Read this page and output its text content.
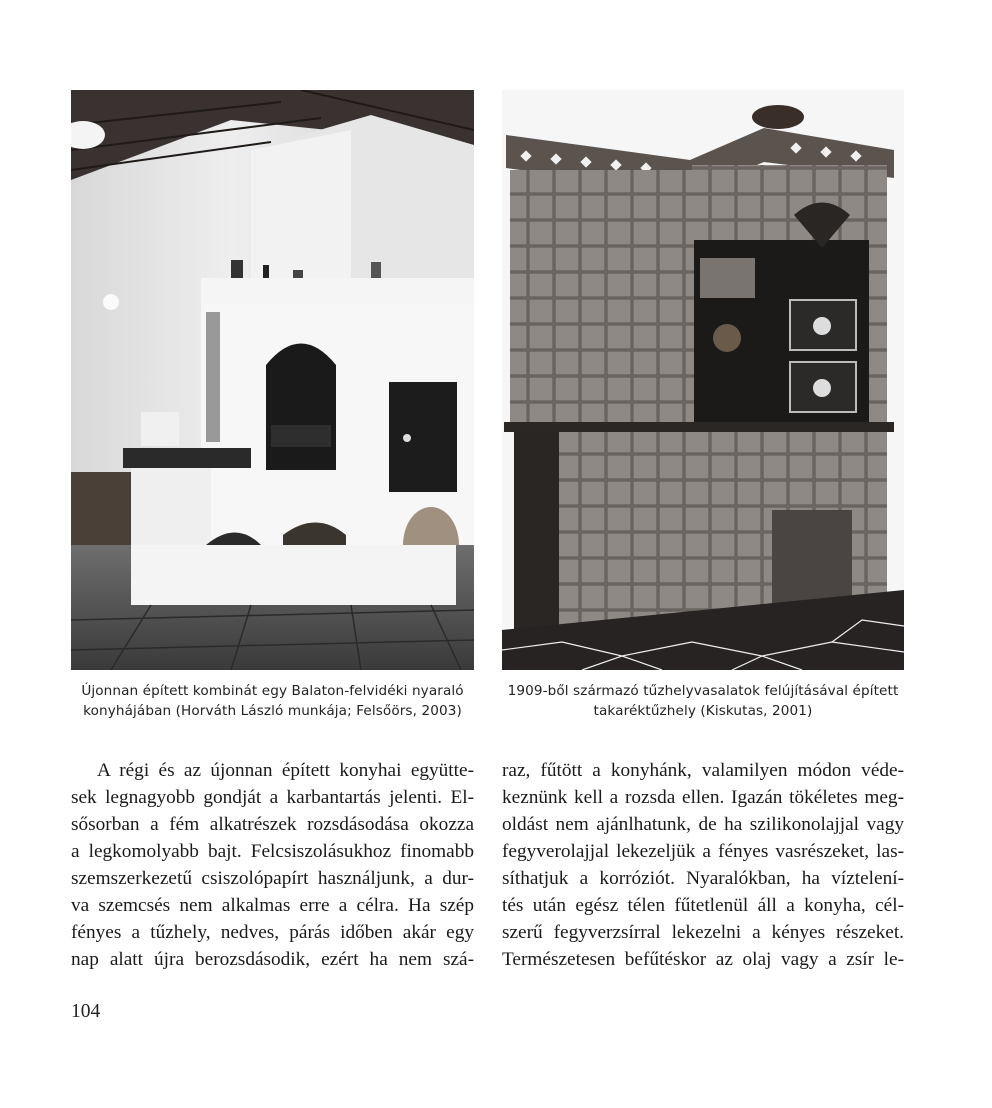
Újonnan épített kombinát egy Balaton-felvidéki nyaraló
konyhájában (Horváth László munkája; Felsőörs, 2003)
1909-ből származó tűzhelyvasalatok felújításával épített
takaréktűzhely (Kiskutas, 2001)
A régi és az újonnan épített konyhai együtte-
sek legnagyobb gondját a karbantartás jelenti. El-
sősorban a fém alkatrészek rozsdásodása okozza
a legkomolyabb bajt. Felcsiszolásukhoz finomabb
szemszerkezetű csiszolópapírt használjunk, a dur-
va szemcsés nem alkalmas erre a célra. Ha szép
fényes a tűzhely, nedves, párás időben akár egy
nap alatt újra berozsdásodik, ezért ha nem szá-
raz, fűtött a konyhánk, valamilyen módon véde-
keznünk kell a rozsda ellen. Igazán tökéletes meg-
oldást nem ajánlhatunk, de ha szilikonolajjal vagy
fegyverolajjal lekezeljük a fényes vasrészeket, las-
síthatjuk a korróziót. Nyaralókban, ha víztelení-
tés után egész télen fűtetlenül áll a konyha, cél-
szerű fegyverzsírral lekezelni a kényes részeket.
Természetesen befűtéskor az olaj vagy a zsír le-
104
